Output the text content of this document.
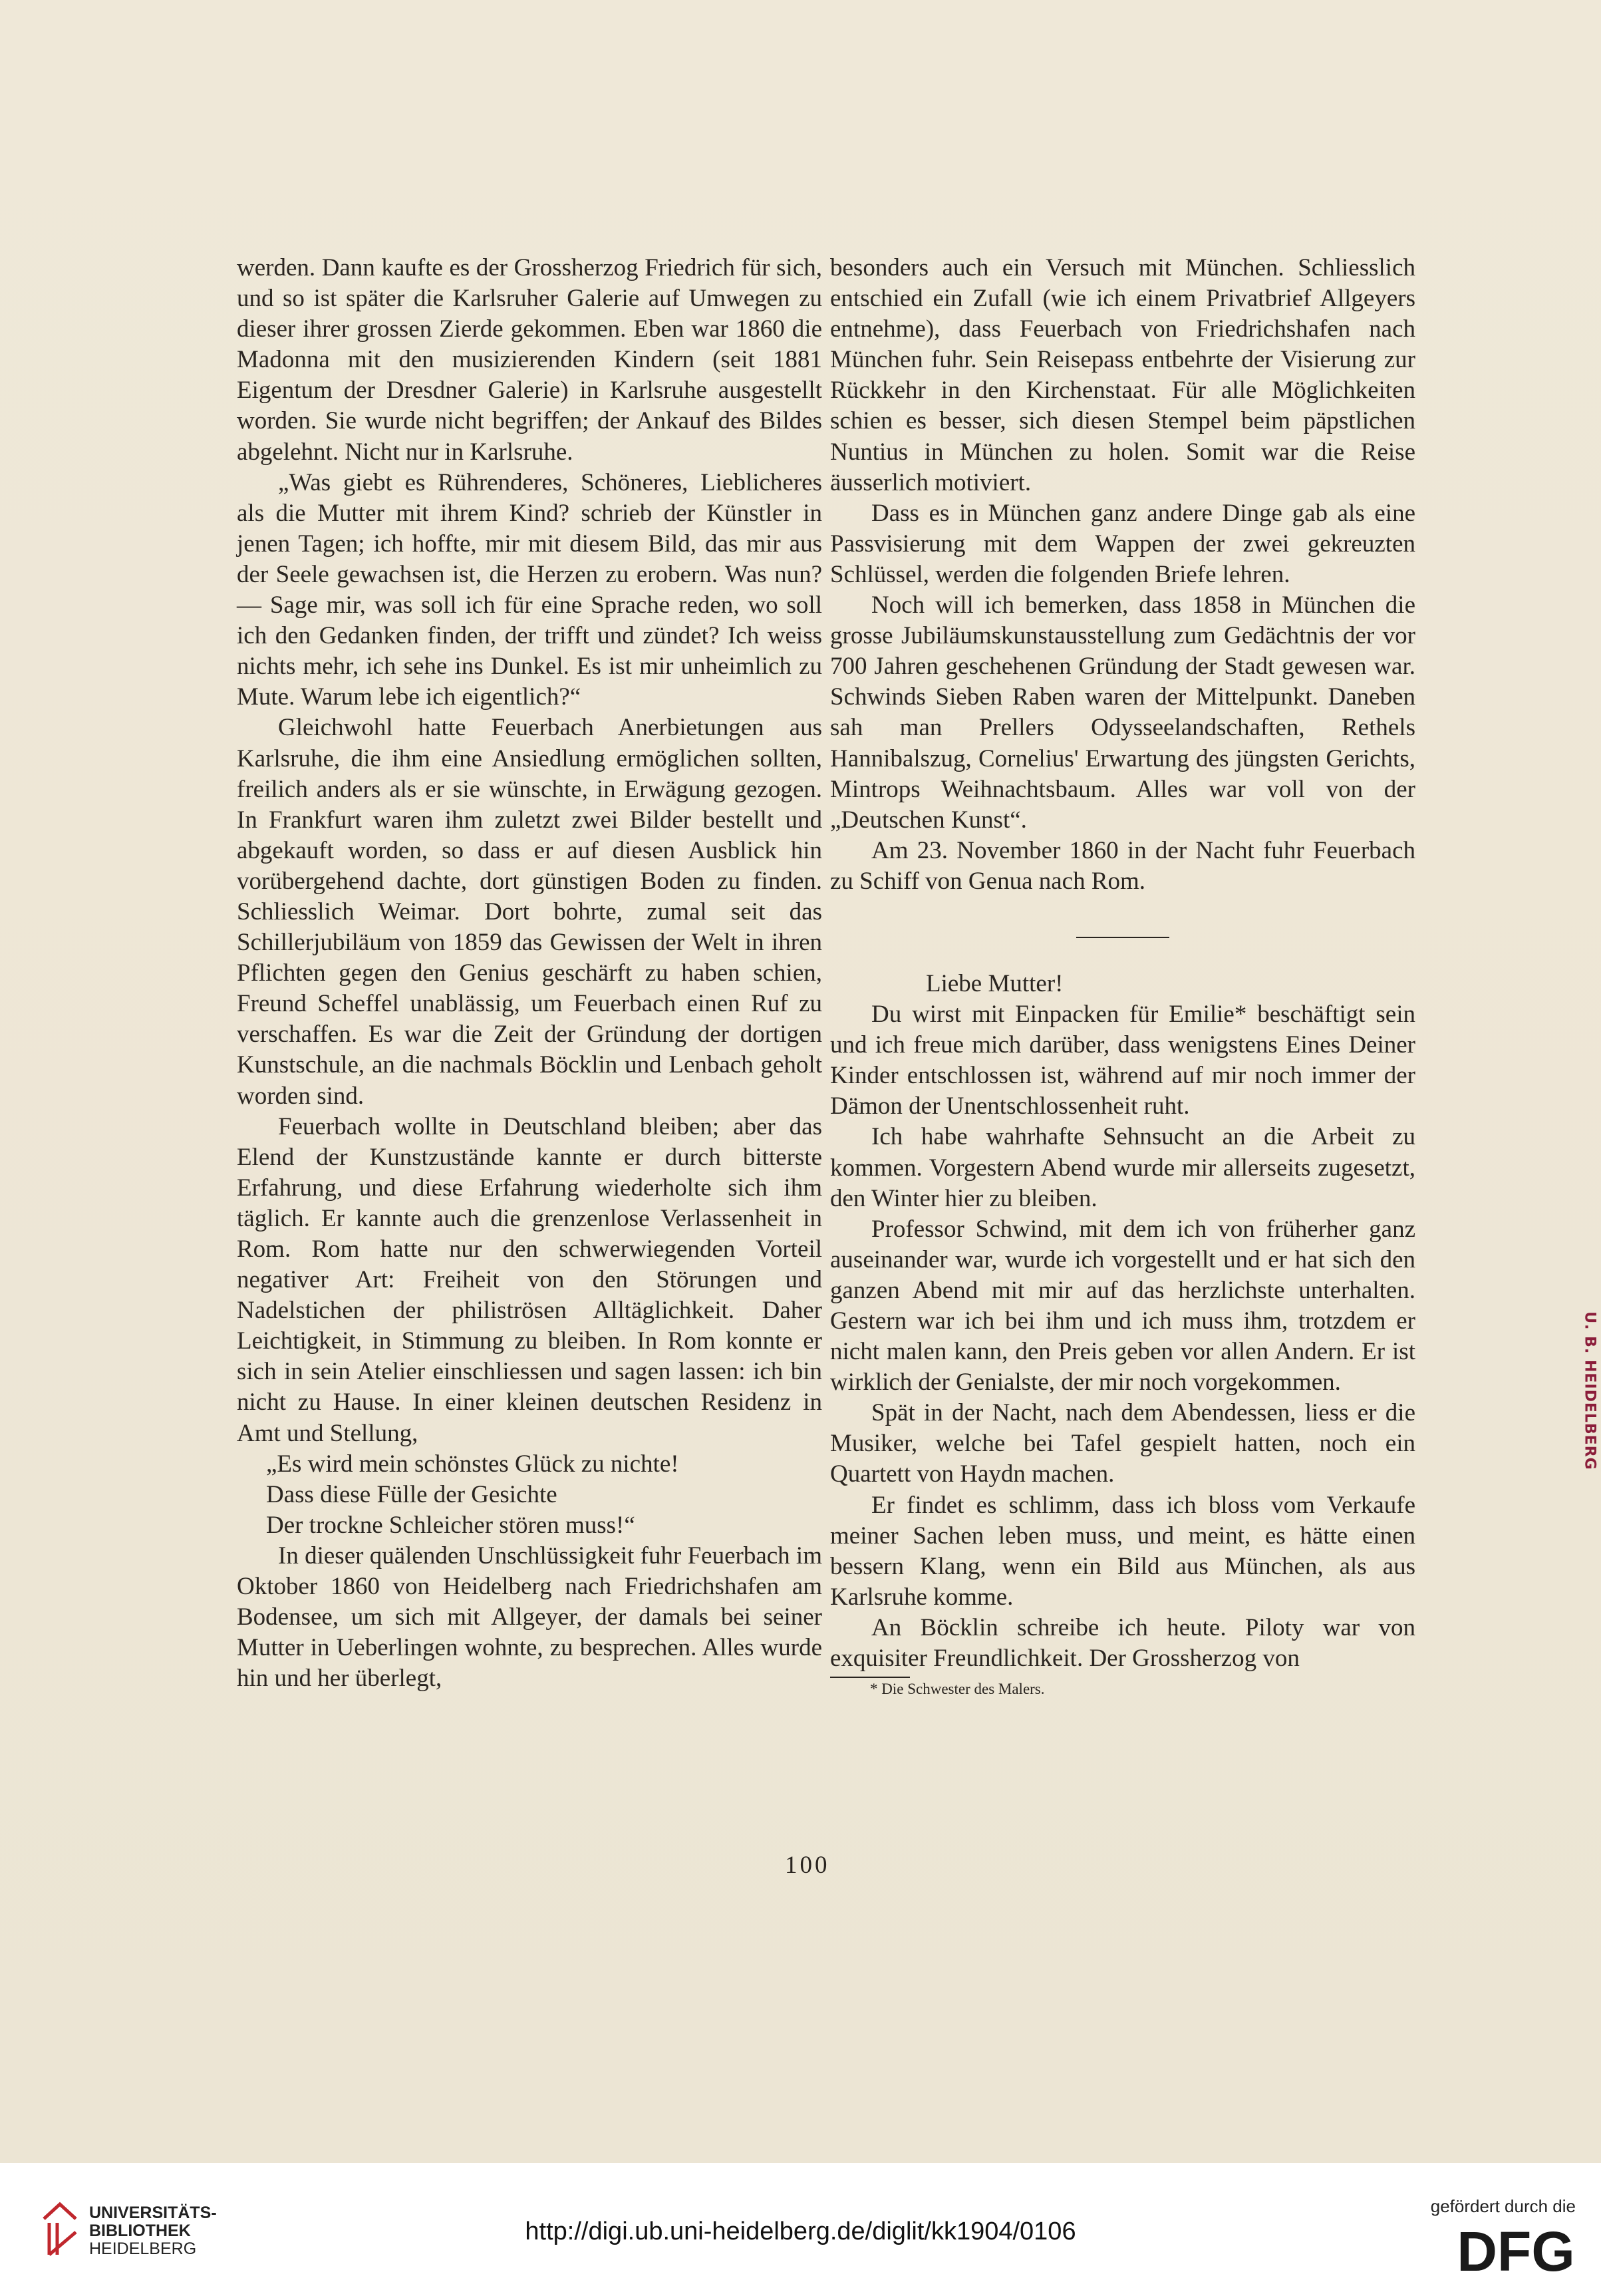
werden. Dann kaufte es der Grossherzog Friedrich für sich, und so ist später die Karlsruher Galerie auf Umwegen zu dieser ihrer grossen Zierde gekommen. Eben war 1860 die Madonna mit den musizierenden Kindern (seit 1881 Eigentum der Dresdner Galerie) in Karlsruhe ausgestellt worden. Sie wurde nicht begriffen; der Ankauf des Bildes abgelehnt. Nicht nur in Karlsruhe.

„Was giebt es Rührenderes, Schöneres, Lieblicheres als die Mutter mit ihrem Kind? schrieb der Künstler in jenen Tagen; ich hoffte, mir mit diesem Bild, das mir aus der Seele gewachsen ist, die Herzen zu erobern. Was nun? — Sage mir, was soll ich für eine Sprache reden, wo soll ich den Gedanken finden, der trifft und zündet? Ich weiss nichts mehr, ich sehe ins Dunkel. Es ist mir unheimlich zu Mute. Warum lebe ich eigentlich?“

Gleichwohl hatte Feuerbach Anerbietungen aus Karlsruhe, die ihm eine Ansiedlung ermöglichen sollten, freilich anders als er sie wünschte, in Erwägung gezogen. In Frankfurt waren ihm zuletzt zwei Bilder bestellt und abgekauft worden, so dass er auf diesen Ausblick hin vorübergehend dachte, dort günstigen Boden zu finden. Schliesslich Weimar. Dort bohrte, zumal seit das Schillerjubiläum von 1859 das Gewissen der Welt in ihren Pflichten gegen den Genius geschärft zu haben schien, Freund Scheffel unablässig, um Feuerbach einen Ruf zu verschaffen. Es war die Zeit der Gründung der dortigen Kunstschule, an die nachmals Böcklin und Lenbach geholt worden sind.

Feuerbach wollte in Deutschland bleiben; aber das Elend der Kunstzustände kannte er durch bitterste Erfahrung, und diese Erfahrung wiederholte sich ihm täglich. Er kannte auch die grenzenlose Verlassenheit in Rom. Rom hatte nur den schwerwiegenden Vorteil negativer Art: Freiheit von den Störungen und Nadelstichen der philiströsen Alltäglichkeit. Daher Leichtigkeit, in Stimmung zu bleiben. In Rom konnte er sich in sein Atelier einschliessen und sagen lassen: ich bin nicht zu Hause. In einer kleinen deutschen Residenz in Amt und Stellung,

„Es wird mein schönstes Glück zu nichte!

Dass diese Fülle der Gesichte

Der trockne Schleicher stören muss!“

In dieser quälenden Unschlüssigkeit fuhr Feuerbach im Oktober 1860 von Heidelberg nach Friedrichshafen am Bodensee, um sich mit Allgeyer, der damals bei seiner Mutter in Ueberlingen wohnte, zu besprechen. Alles wurde hin und her überlegt,

besonders auch ein Versuch mit München. Schliesslich entschied ein Zufall (wie ich einem Privatbrief Allgeyers entnehme), dass Feuerbach von Friedrichshafen nach München fuhr. Sein Reisepass entbehrte der Visierung zur Rückkehr in den Kirchenstaat. Für alle Möglichkeiten schien es besser, sich diesen Stempel beim päpstlichen Nuntius in München zu holen. Somit war die Reise äusserlich motiviert.

Dass es in München ganz andere Dinge gab als eine Passvisierung mit dem Wappen der zwei gekreuzten Schlüssel, werden die folgenden Briefe lehren.

Noch will ich bemerken, dass 1858 in München die grosse Jubiläumskunstausstellung zum Gedächtnis der vor 700 Jahren geschehenen Gründung der Stadt gewesen war. Schwinds Sieben Raben waren der Mittelpunkt. Daneben sah man Prellers Odysseelandschaften, Rethels Hannibalszug, Cornelius' Erwartung des jüngsten Gerichts, Mintrops Weihnachtsbaum. Alles war voll von der „Deutschen Kunst“.

Am 23. November 1860 in der Nacht fuhr Feuerbach zu Schiff von Genua nach Rom.

Liebe Mutter!

Du wirst mit Einpacken für Emilie* beschäftigt sein und ich freue mich darüber, dass wenigstens Eines Deiner Kinder entschlossen ist, während auf mir noch immer der Dämon der Unentschlossenheit ruht.

Ich habe wahrhafte Sehnsucht an die Arbeit zu kommen. Vorgestern Abend wurde mir allerseits zugesetzt, den Winter hier zu bleiben.

Professor Schwind, mit dem ich von früherher ganz auseinander war, wurde ich vorgestellt und er hat sich den ganzen Abend mit mir auf das herzlichste unterhalten. Gestern war ich bei ihm und ich muss ihm, trotzdem er nicht malen kann, den Preis geben vor allen Andern. Er ist wirklich der Genialste, der mir noch vorgekommen.

Spät in der Nacht, nach dem Abendessen, liess er die Musiker, welche bei Tafel gespielt hatten, noch ein Quartett von Haydn machen.

Er findet es schlimm, dass ich bloss vom Verkaufe meiner Sachen leben muss, und meint, es hätte einen bessern Klang, wenn ein Bild aus München, als aus Karlsruhe komme.

An Böcklin schreibe ich heute. Piloty war von exquisiter Freundlichkeit. Der Grossherzog von

* Die Schwester des Malers.

100
U. B. HEIDELBERG
UNIVERSITÄTS-
BIBLIOTHEK
HEIDELBERG
http://digi.ub.uni-heidelberg.de/diglit/kk1904/0106
gefördert durch die
DFG
